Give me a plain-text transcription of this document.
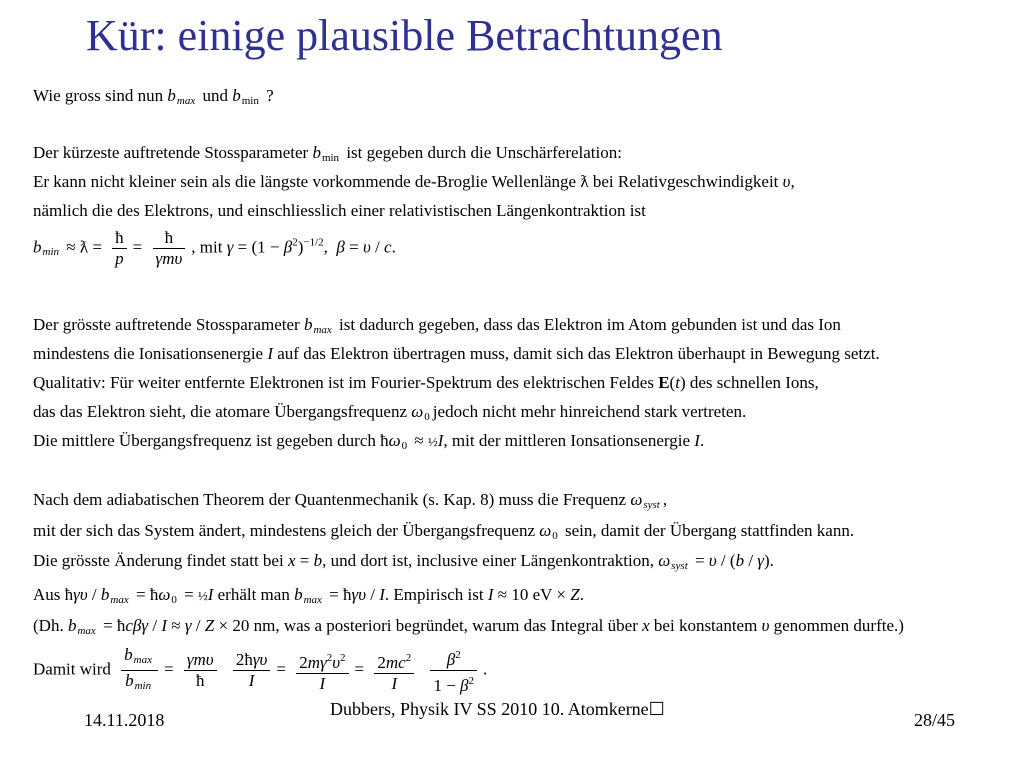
Kür: einige plausible Betrachtungen
Wie gross sind nun $b_{max}$ und $b_{min}$ ?
Der kürzeste auftretende Stossparameter $b_{min}$ ist gegeben durch die Unschärferelation:
Er kann nicht kleiner sein als die längste vorkommende de-Broglie Wellenlänge ƛ bei Relativgeschwindigkeit υ,
nämlich die des Elektrons, und einschliesslich einer relativistischen Längenkontraktion ist
$b_{min}$ ≈ ƛ = $\frac{ħ}{p} = \frac{ħ}{\text{γmυ}}$ , mit $\gamma = (1 - \beta^2)^{-1/2}$,  β = υ / c.
Der grösste auftretende Stossparameter $b_{max}$ ist dadurch gegeben, dass das Elektron im Atom gebunden ist und das Ion
mindestens die Ionisationsenergie I auf das Elektron übertragen muss, damit sich das Elektron überhaupt in Bewegung setzt.
Qualitativ: Für weiter entfernte Elektronen ist im Fourier-Spektrum des elektrischen Feldes E(t) des schnellen Ions,
das das Elektron sieht, die atomare Übergangsfrequenz $\omega_0$ jedoch nicht mehr hinreichend stark vertreten.
Die mittlere Übergangsfrequenz ist gegeben durch $ħ\omega_0$ ≈ ½I, mit der mittleren Ionsationsenergie I.
Nach dem adiabatischen Theorem der Quantenmechanik (s. Kap. 8) muss die Frequenz $\omega_{syst}$ ,
mit der sich das System ändert, mindestens gleich der Übergangsfrequenz $\omega_0$ sein, damit der Übergang stattfinden kann.
Die grösste Änderung findet statt bei x = b, und dort ist, inclusive einer Längenkontraktion, $\omega_{syst} = \upsilon / (b / \gamma)$.
Aus ħγυ / $b_{max}$ = $ħ\omega_0$ = ½I erhält man $b_{max}$ = ħγυ / I. Empirisch ist I ≈ 10 eV × Z.
(Dh. $b_{max}$ = ħcβγ / I ≈ γ / Z × 20 nm, was a posteriori begründet, warum das Integral über x bei konstantem υ genommen durfte.)
Damit wird $\frac{b_{max}}{b_{min}} = \frac{\text{γmυ}}{ħ}$
$\frac{\text{2ħγυ}}{I} = \frac{2m\gamma^2\upsilon^2}{I} = \frac{2mc^2}{I}$
$\frac{\beta^2}{1 - \beta^2}$ .
14.11.2018
Dubbers, Physik IV SS 2010 10. Atomkerne☐
28/45
